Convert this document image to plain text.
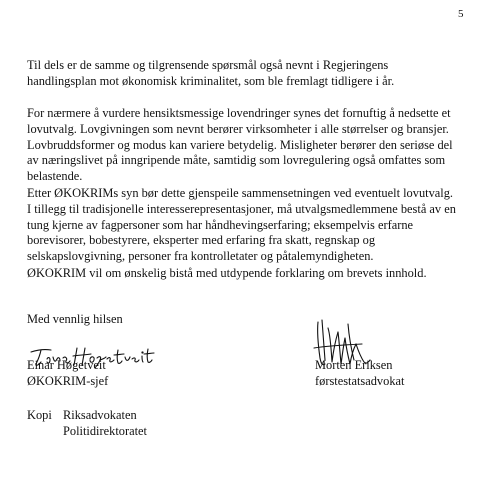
5

Til dels er de samme og tilgrensende spørsmål også nevnt i Regjeringens
handlingsplan mot økonomisk kriminalitet, som ble fremlagt tidligere i år.

For nærmere å vurdere hensiktsmessige lovendringer synes det fornuftig å nedsette et
lovutvalg. Lovgivningen som nevnt berører virksomheter i alle størrelser og bransjer.
Lovbruddsformer og modus kan variere betydelig. Misligheter berører den seriøse del
av næringslivet på inngripende måte, samtidig som lovregulering også omfattes som
belastende.

Etter ØKOKRIMs syn bør dette gjenspeile sammensetningen ved eventuelt lovutvalg.
I tillegg til tradisjonelle interesserepresentasjoner, må utvalgsmedlemmene bestå av en
tung kjerne av fagpersoner som har håndhevingserfaring; eksempelvis erfarne
borevisorer, bobestyrere, eksperter med erfaring fra skatt, regnskap og
selskapslovgivning, personer fra kontrolletater og påtalemyndigheten.

ØKOKRIM vil om ønskelig bistå med utdypende forklaring om brevets innhold.

Med vennlig hilsen

Einar Høgetveit
ØKOKRIM-sjef
Morten Eriksen
førstestatsadvokat
Kopi Riksadvokaten
Politidirektoratet
